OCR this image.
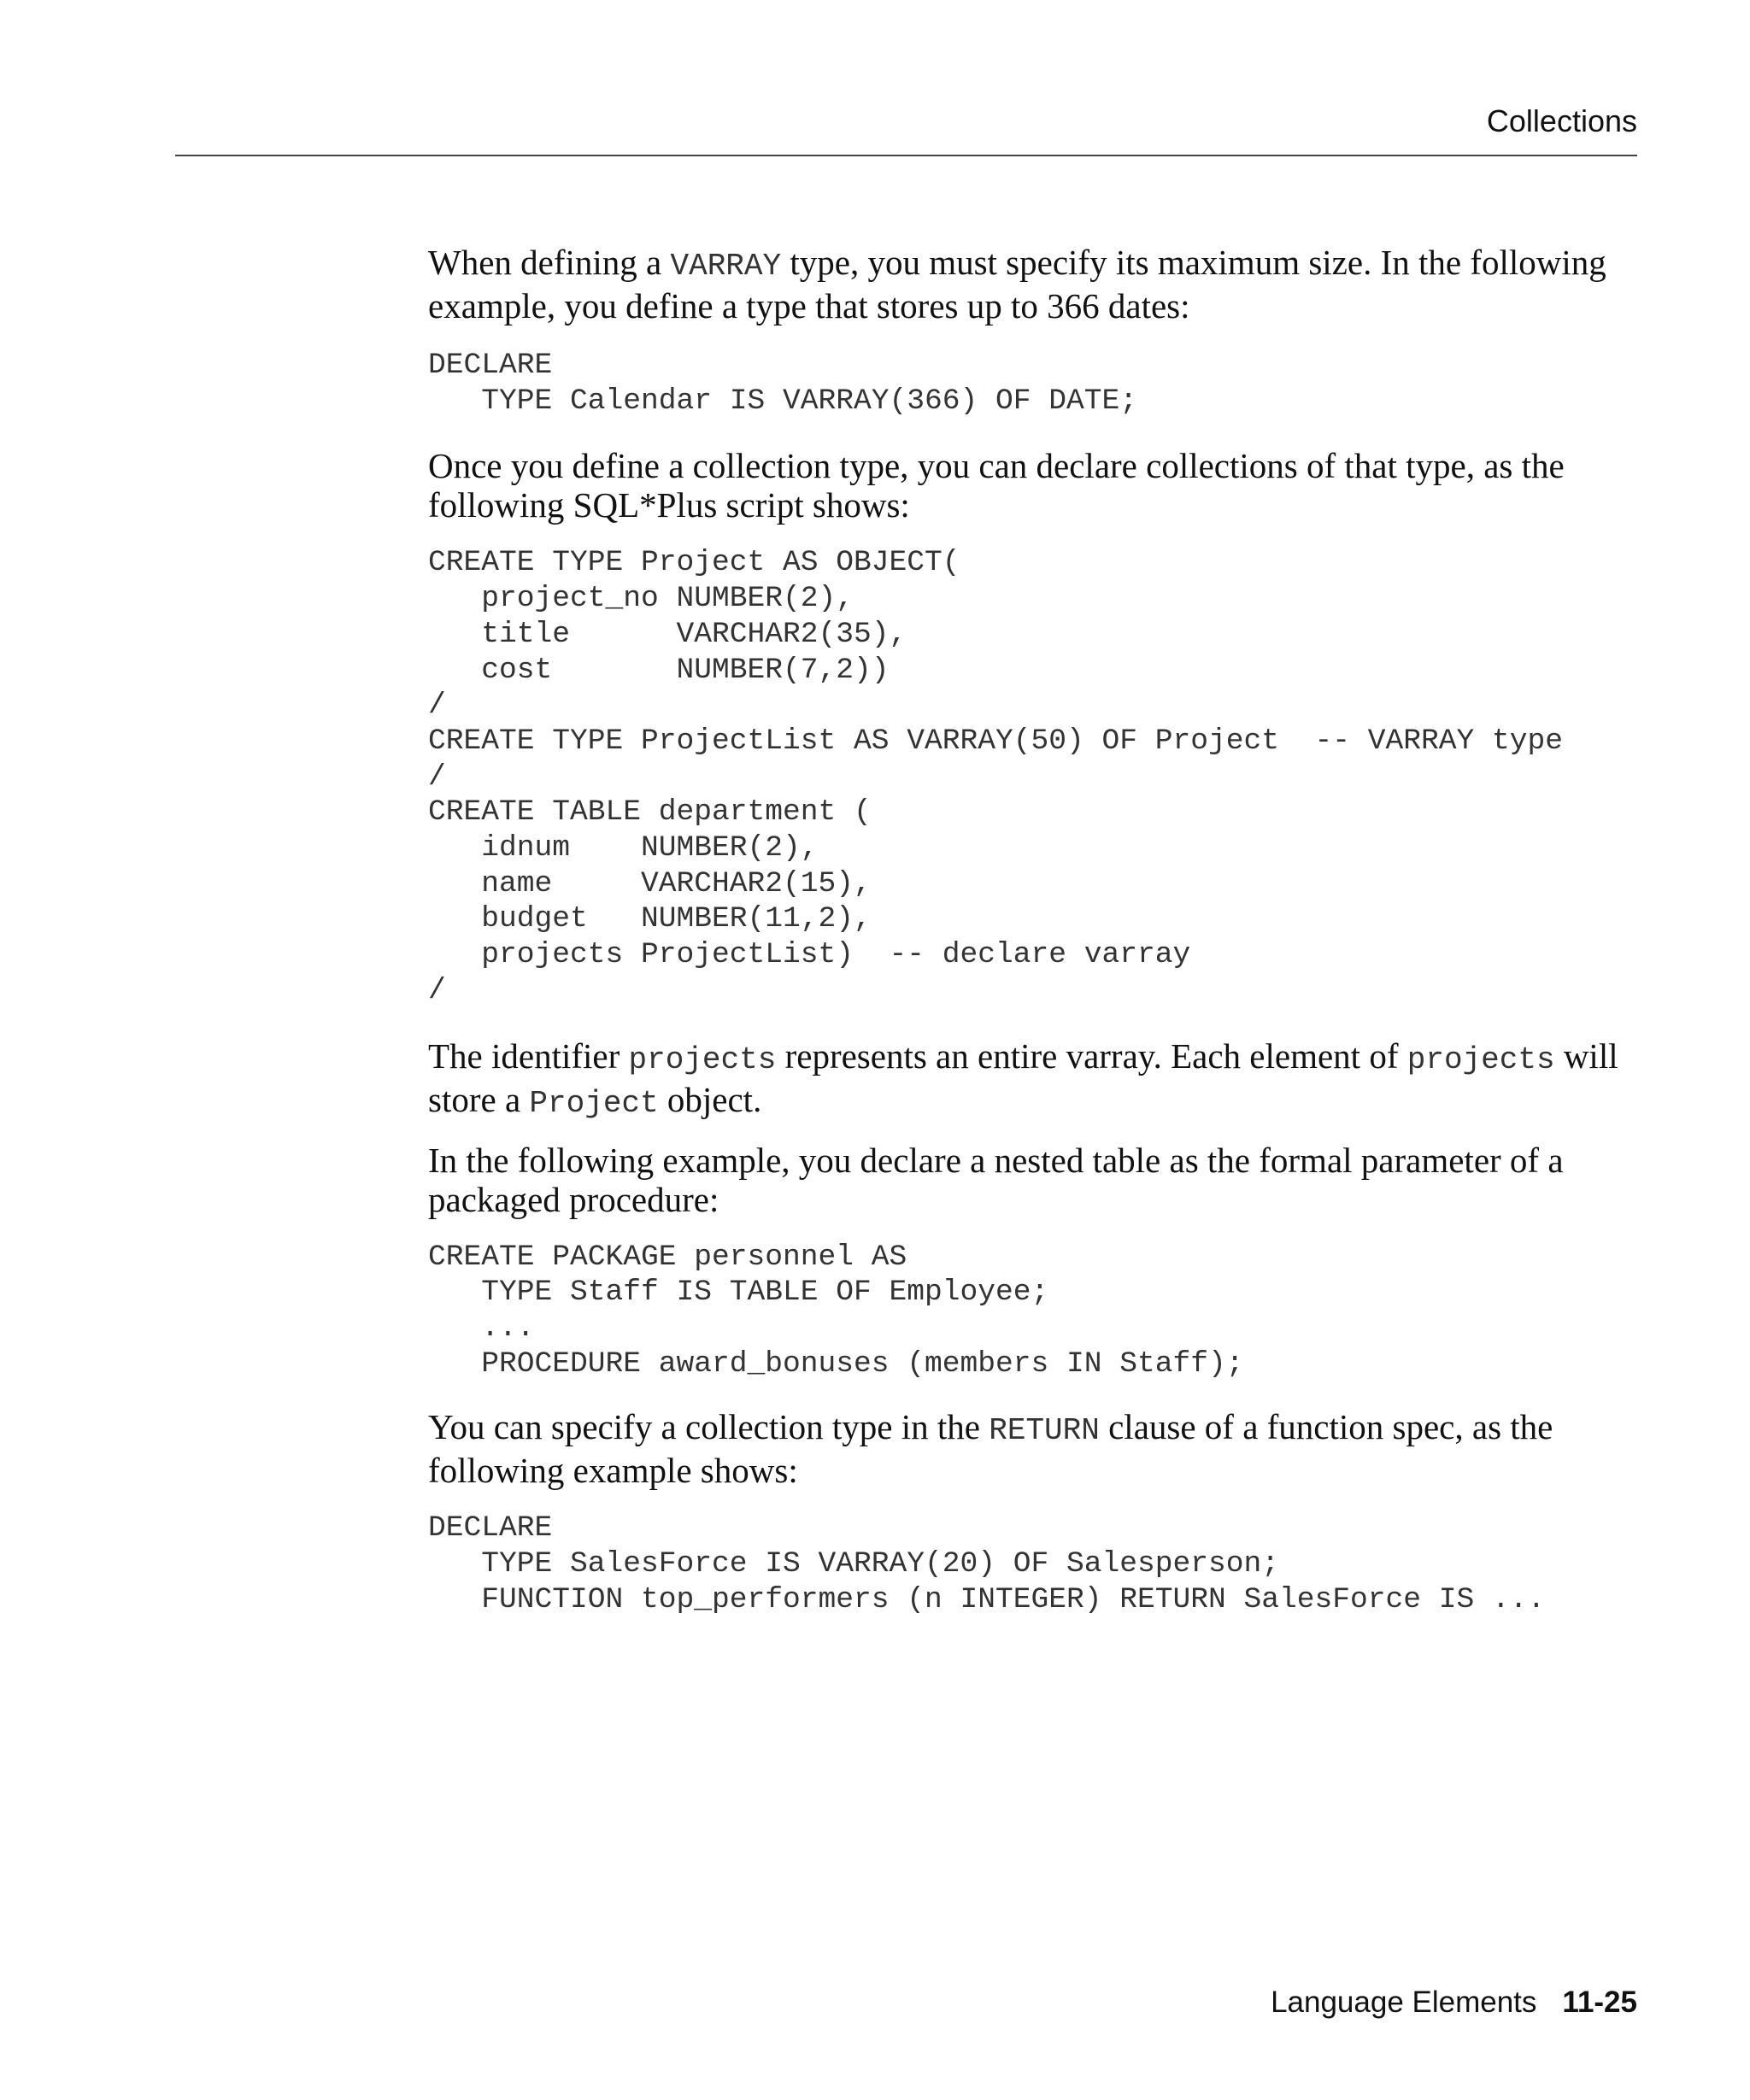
Collections

When defining a VARRAY type, you must specify its maximum size. In the following example, you define a type that stores up to 366 dates:

DECLARE
TYPE Calendar IS VARRAY(366) OF DATE;

Once you define a collection type, you can declare collections of that type, as the following SQL*Plus script shows:

CREATE TYPE Project AS OBJECT(
project_no NUMBER(2),
title      VARCHAR2(35),
cost       NUMBER(7,2))
/
CREATE TYPE ProjectList AS VARRAY(50) OF Project  -- VARRAY type
/
CREATE TABLE department (
idnum    NUMBER(2),
name     VARCHAR2(15),
budget   NUMBER(11,2),
projects ProjectList)  -- declare varray
/

The identifier projects represents an entire varray. Each element of projects will store a Project object.

In the following example, you declare a nested table as the formal parameter of a packaged procedure:

CREATE PACKAGE personnel AS
TYPE Staff IS TABLE OF Employee;
...
PROCEDURE award_bonuses (members IN Staff);

You can specify a collection type in the RETURN clause of a function spec, as the following example shows:

DECLARE
TYPE SalesForce IS VARRAY(20) OF Salesperson;
FUNCTION top_performers (n INTEGER) RETURN SalesForce IS ...
Language Elements 11-25
